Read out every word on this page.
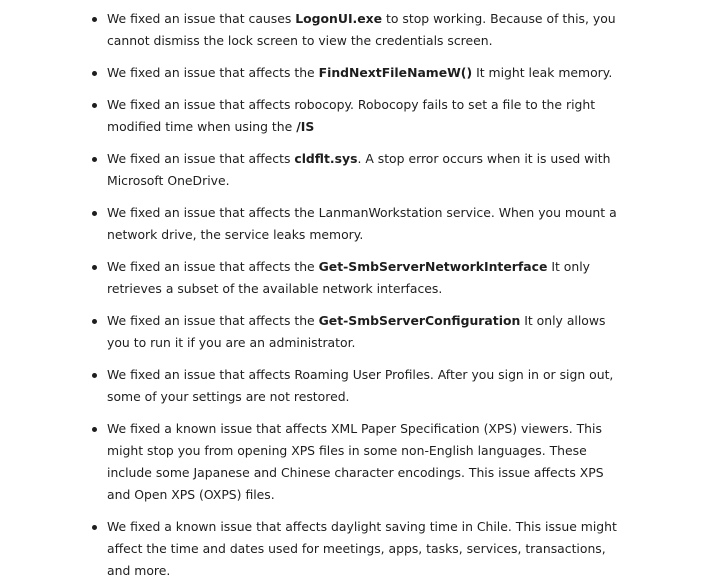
We fixed an issue that causes LogonUI.exe to stop working. Because of this, you cannot dismiss the lock screen to view the credentials screen.
We fixed an issue that affects the FindNextFileNameW() It might leak memory.
We fixed an issue that affects robocopy. Robocopy fails to set a file to the right modified time when using the /IS
We fixed an issue that affects cldflt.sys. A stop error occurs when it is used with Microsoft OneDrive.
We fixed an issue that affects the LanmanWorkstation service. When you mount a network drive, the service leaks memory.
We fixed an issue that affects the Get-SmbServerNetworkInterface It only retrieves a subset of the available network interfaces.
We fixed an issue that affects the Get-SmbServerConfiguration It only allows you to run it if you are an administrator.
We fixed an issue that affects Roaming User Profiles. After you sign in or sign out, some of your settings are not restored.
We fixed a known issue that affects XML Paper Specification (XPS) viewers. This might stop you from opening XPS files in some non-English languages. These include some Japanese and Chinese character encodings. This issue affects XPS and Open XPS (OXPS) files.
We fixed a known issue that affects daylight saving time in Chile. This issue might affect the time and dates used for meetings, apps, tasks, services, transactions, and more.
